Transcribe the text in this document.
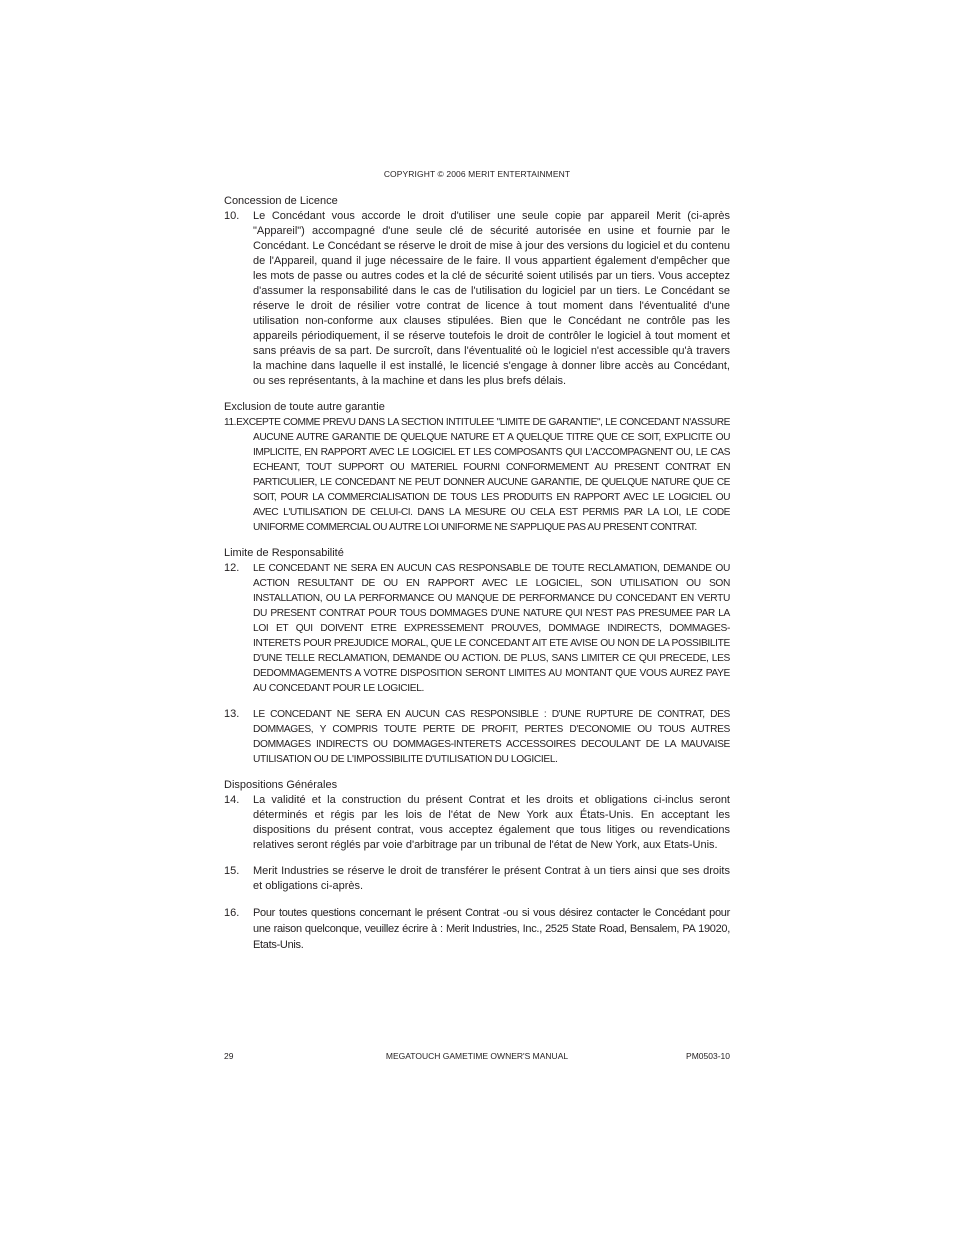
COPYRIGHT © 2006 MERIT ENTERTAINMENT

Concession de Licence

10. Le Concédant vous accorde le droit d'utiliser une seule copie par appareil Merit (ci-après "Appareil") accompagné d'une seule clé de sécurité autorisée en usine et fournie par le Concédant. Le Concédant se réserve le droit de mise à jour des versions du logiciel et du contenu de l'Appareil, quand il juge nécessaire de le faire. Il vous appartient également d'empêcher que les mots de passe ou autres codes et la clé de sécurité soient utilisés par un tiers. Vous acceptez d'assumer la responsabilité dans le cas de l'utilisation du logiciel par un tiers. Le Concédant se réserve le droit de résilier votre contrat de licence à tout moment dans l'éventualité d'une utilisation non-conforme aux clauses stipulées. Bien que le Concédant ne contrôle pas les appareils périodiquement, il se réserve toutefois le droit de contrôler le logiciel à tout moment et sans préavis de sa part. De surcroît, dans l'éventualité où le logiciel n'est accessible qu'à travers la machine dans laquelle il est installé, le licencié s'engage à donner libre accès au Concédant, ou ses représentants, à la machine et dans les plus brefs délais.

Exclusion de toute autre garantie

11.EXCEPTE COMME PREVU DANS LA SECTION INTITULEE "LIMITE DE GARANTIE", LE CONCEDANT N'ASSURE AUCUNE AUTRE GARANTIE DE QUELQUE NATURE ET A QUELQUE TITRE QUE CE SOIT, EXPLICITE OU IMPLICITE, EN RAPPORT AVEC LE LOGICIEL ET LES COMPOSANTS QUI L'ACCOMPAGNENT OU, LE CAS ECHEANT, TOUT SUPPORT OU MATERIEL FOURNI CONFORMEMENT AU PRESENT CONTRAT EN PARTICULIER, LE CONCEDANT NE PEUT DONNER AUCUNE GARANTIE, DE QUELQUE NATURE QUE CE SOIT, POUR LA COMMERCIALISATION DE TOUS LES PRODUITS EN RAPPORT AVEC LE LOGICIEL OU AVEC L'UTILISATION DE CELUI-CI. DANS LA MESURE OU CELA EST PERMIS PAR LA LOI, LE CODE UNIFORME COMMERCIAL OU AUTRE LOI UNIFORME NE S'APPLIQUE PAS AU PRESENT CONTRAT.

Limite de Responsabilité

12. LE CONCEDANT NE SERA EN AUCUN CAS RESPONSABLE DE TOUTE RECLAMATION, DEMANDE OU ACTION RESULTANT DE OU EN RAPPORT AVEC LE LOGICIEL, SON UTILISATION OU SON INSTALLATION, OU LA PERFORMANCE OU MANQUE DE PERFORMANCE DU CONCEDANT EN VERTU DU PRESENT CONTRAT POUR TOUS DOMMAGES D'UNE NATURE QUI N'EST PAS PRESUMEE PAR LA LOI ET QUI DOIVENT ETRE EXPRESSEMENT PROUVES, DOMMAGE INDIRECTS, DOMMAGES-INTERETS POUR PREJUDICE MORAL, QUE LE CONCEDANT AIT ETE AVISE OU NON DE LA POSSIBILITE D'UNE TELLE RECLAMATION, DEMANDE OU ACTION. DE PLUS, SANS LIMITER CE QUI PRECEDE, LES DEDOMMAGEMENTS A VOTRE DISPOSITION SERONT LIMITES AU MONTANT QUE VOUS AUREZ PAYE AU CONCEDANT POUR LE LOGICIEL.
13. LE CONCEDANT NE SERA EN AUCUN CAS RESPONSIBLE : D'UNE RUPTURE DE CONTRAT, DES DOMMAGES, Y COMPRIS TOUTE PERTE DE PROFIT, PERTES D'ECONOMIE OU TOUS AUTRES DOMMAGES INDIRECTS OU DOMMAGES-INTERETS ACCESSOIRES DECOULANT DE LA MAUVAISE UTILISATION OU DE L'IMPOSSIBILITE D'UTILISATION DU LOGICIEL.

Dispositions Générales

14. La validité et la construction du présent Contrat et les droits et obligations ci-inclus seront déterminés et régis par les lois de l'état de New York aux États-Unis. En acceptant les dispositions du présent contrat, vous acceptez également que tous litiges ou revendications relatives seront réglés par voie d'arbitrage par un tribunal de l'état de New York, aux Etats-Unis.
15. Merit Industries se réserve le droit de transférer le présent Contrat à un tiers ainsi que ses droits et obligations ci-après.
16. Pour toutes questions concernant le présent Contrat -ou si vous désirez contacter le Concédant pour une raison quelconque, veuillez écrire à : Merit Industries, Inc., 2525 State Road, Bensalem, PA 19020, Etats-Unis.
29	MEGATOUCH GAMETIME OWNER'S MANUAL	PM0503-10
